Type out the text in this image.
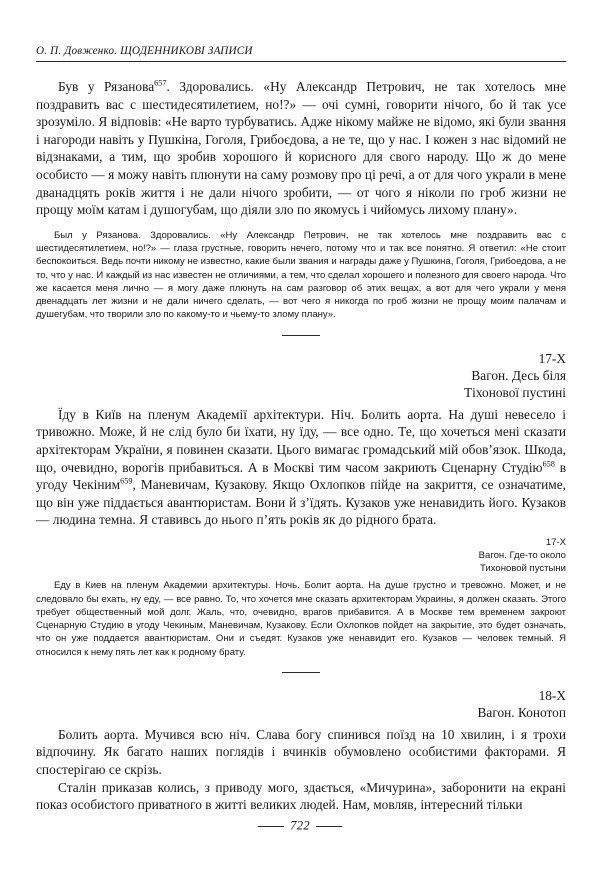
О. П. Довженко. ЩОДЕННИКОВІ ЗАПИСИ

Був у Рязанова$^{657}$. Здоровались. «Ну Александр Петрович, не так хотелось мне поздравить вас с шестидесятилетием, но!?» — очі сумні, говорити нічого, бо й так усе зрозуміло. Я відповів: «Не варто турбуватись. Адже нікому майже не відомо, які були звання і нагороди навіть у Пушкіна, Гоголя, Грибоєдова, а не те, що у нас. І кожен з нас відомий не відзнаками, а тим, що зробив хорошого й корисного для свого народу. Що ж до мене особисто — я можу навіть плюнути на саму розмову про ці речі, а от для чого украли в мене дванадцять років життя і не дали нічого зробити, — от чого я ніколи по гроб жизни не прощу моїм катам і душогубам, що діяли зло по якомусь і чийомусь лихому плану».

Был у Рязанова. Здоровались. «Ну Александр Петрович, не так хотелось мне поздравить вас с шестидесятилетием, но!?» — глаза грустные, говорить нечего, потому что и так все понятно. Я ответил: «Не стоит беспокоиться. Ведь почти никому не известно, какие были звания и награды даже у Пушкина, Гоголя, Грибоедова, а не то, что у нас. И каждый из нас известен не отличиями, а тем, что сделал хорошего и полезного для своего народа. Что же касается меня лично — я могу даже плюнуть на сам разговор об этих вещах, а вот для чего украли у меня двенадцать лет жизни и не дали ничего сделать, — вот чего я никогда по гроб жизни не прощу моим палачам и душегубам, что творили зло по какому-то и чьему-то злому плану».

17-X
Вагон. Десь біля
Тіхонової пустині

Їду в Київ на пленум Академії архітектури. Ніч. Болить аорта. На душі невесело і тривожно. Може, й не слід було би їхати, ну їду, — все одно. Те, що хочеться мені сказати архітекторам України, я повинен сказати. Цього вимагає громадський мій обов’язок. Шкода, що, очевидно, ворогів прибавиться. А в Москві тим часом закриють Сценарну Студію$^{658}$ в угоду Чекіним$^{659}$, Маневичам, Кузакову. Якщо Охлопков пійде на закриття, се означатиме, що він уже піддається авантюристам. Вони й з’їдять. Кузаков уже ненавидить його. Кузаков — людина темна. Я ставивсь до нього п’ять років як до рідного брата.

17-X
Вагон. Где-то около
Тихоновой пустыни

Еду в Киев на пленум Академии архитектуры. Ночь. Болит аорта. На душе грустно и тревожно. Может, и не следовало бы ехать, ну еду, — все равно. То, что хочется мне сказать архитекторам Украины, я должен сказать. Этого требует общественный мой долг. Жаль, что, очевидно, врагов прибавится. А в Москве тем временем закроют Сценарную Студию в угоду Чекиным, Маневичам, Кузакову. Если Охлопков пойдет на закрытие, это будет означать, что он уже поддается авантюристам. Они и съедят. Кузаков уже ненавидит его. Кузаков — человек темный. Я относился к нему пять лет как к родному брату.

18-X
Вагон. Конотоп

Болить аорта. Мучився всю ніч. Слава богу спинився поїзд на 10 хвилин, і я трохи відпочину. Як багато наших поглядів і вчинків обумовлено особистими факторами. Я спостерігаю се скрізь.

Сталін приказав колись, з приводу мого, здається, «Мичурина», заборонити на екрані показ особистого приватного в житті великих людей. Нам, мовляв, інтересний тільки

722
